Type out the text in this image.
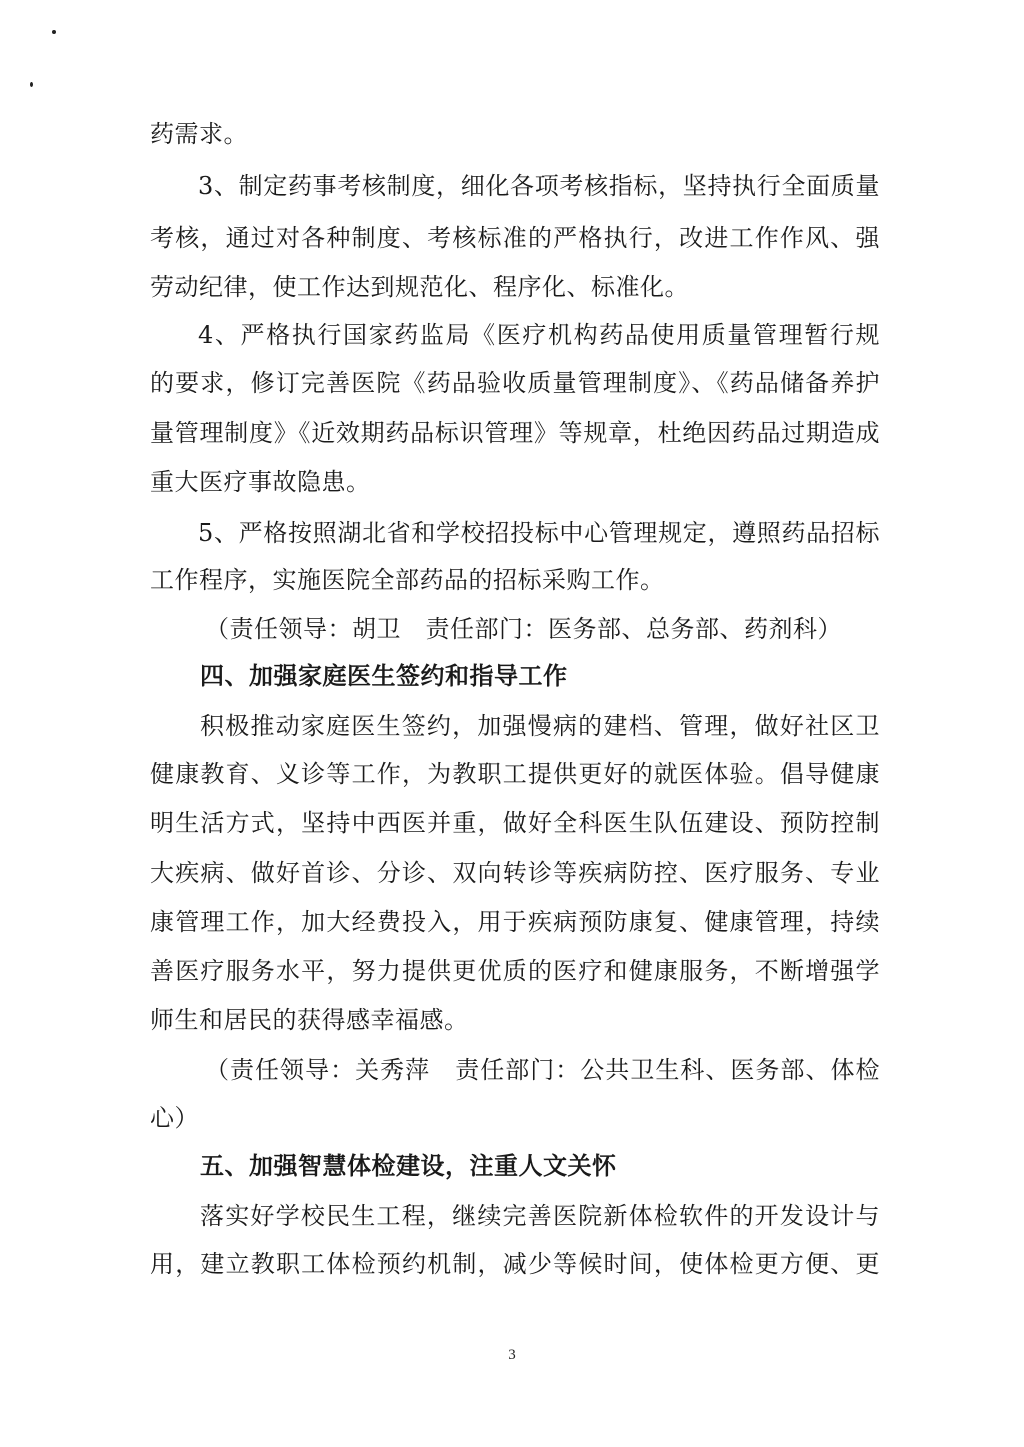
药需求。
3、制定药事考核制度，细化各项考核指标，坚持执行全面质量
考核，通过对各种制度、考核标准的严格执行，改进工作作风、强
劳动纪律，使工作达到规范化、程序化、标准化。
4、严格执行国家药监局《医疗机构药品使用质量管理暂行规
的要求，修订完善医院《药品验收质量管理制度》、《药品储备养护
量管理制度》《近效期药品标识管理》等规章，杜绝因药品过期造成
重大医疗事故隐患。
5、严格按照湖北省和学校招投标中心管理规定，遵照药品招标
工作程序，实施医院全部药品的招标采购工作。
（责任领导：胡卫　责任部门：医务部、总务部、药剂科）
四、加强家庭医生签约和指导工作
积极推动家庭医生签约，加强慢病的建档、管理，做好社区卫
健康教育、义诊等工作，为教职工提供更好的就医体验。倡导健康
明生活方式，坚持中西医并重，做好全科医生队伍建设、预防控制
大疾病、做好首诊、分诊、双向转诊等疾病防控、医疗服务、专业
康管理工作，加大经费投入，用于疾病预防康复、健康管理，持续
善医疗服务水平，努力提供更优质的医疗和健康服务，不断增强学
师生和居民的获得感幸福感。
（责任领导：关秀萍　责任部门：公共卫生科、医务部、体检
心）
五、加强智慧体检建设，注重人文关怀
落实好学校民生工程，继续完善医院新体检软件的开发设计与
用，建立教职工体检预约机制，减少等候时间，使体检更方便、更
3
